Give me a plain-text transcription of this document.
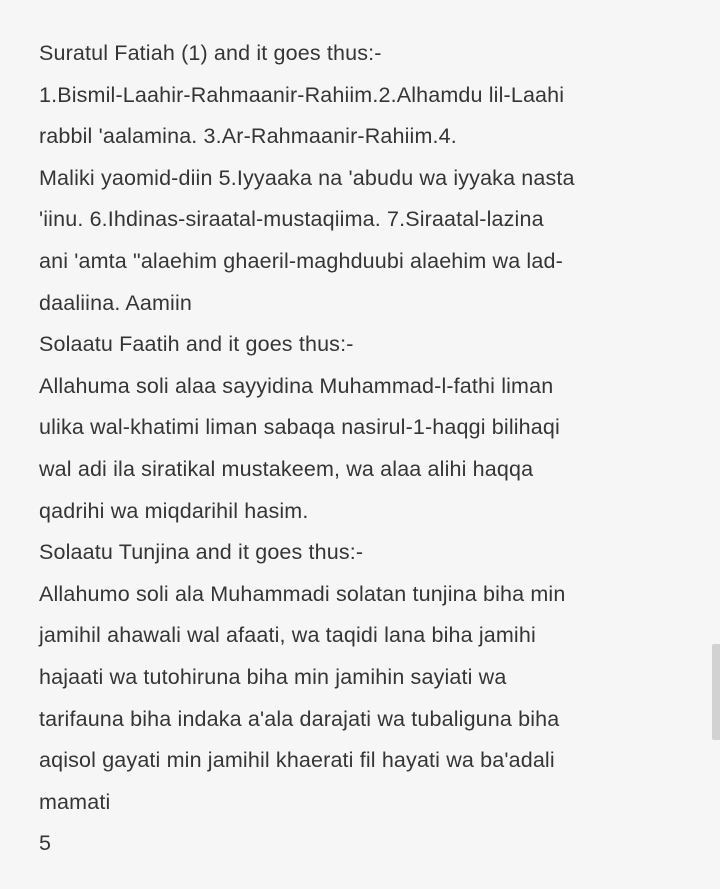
Suratul Fatiah (1) and it goes thus:-
1.Bismil-Laahir-Rahmaanir-Rahiim.2.Alhamdu lil-Laahi
rabbil 'aalamina. 3.Ar-Rahmaanir-Rahiim.4.
Maliki yaomid-diin 5.Iyyaaka na 'abudu wa iyyaka nasta
'iinu. 6.Ihdinas-siraatal-mustaqiima. 7.Siraatal-lazina
ani 'amta "alaehim ghaeril-maghduubi alaehim wa lad-
daaliina. Aamiin
Solaatu Faatih and it goes thus:-
Allahuma soli alaa sayyidina Muhammad-l-fathi liman
ulika wal-khatimi liman sabaqa nasirul-1-haqgi bilihaqi
wal adi ila siratikal mustakeem, wa alaa alihi haqqa
qadrihi wa miqdarihil hasim.
Solaatu Tunjina and it goes thus:-
Allahumo soli ala Muhammadi solatan tunjina biha min
jamihil ahawali wal afaati, wa taqidi lana biha jamihi
hajaati wa tutohiruna biha min jamihin sayiati wa
tarifauna biha indaka a'ala darajati wa tubaliguna biha
aqisol gayati min jamihil khaerati fil hayati wa ba'adali
mamati
5
